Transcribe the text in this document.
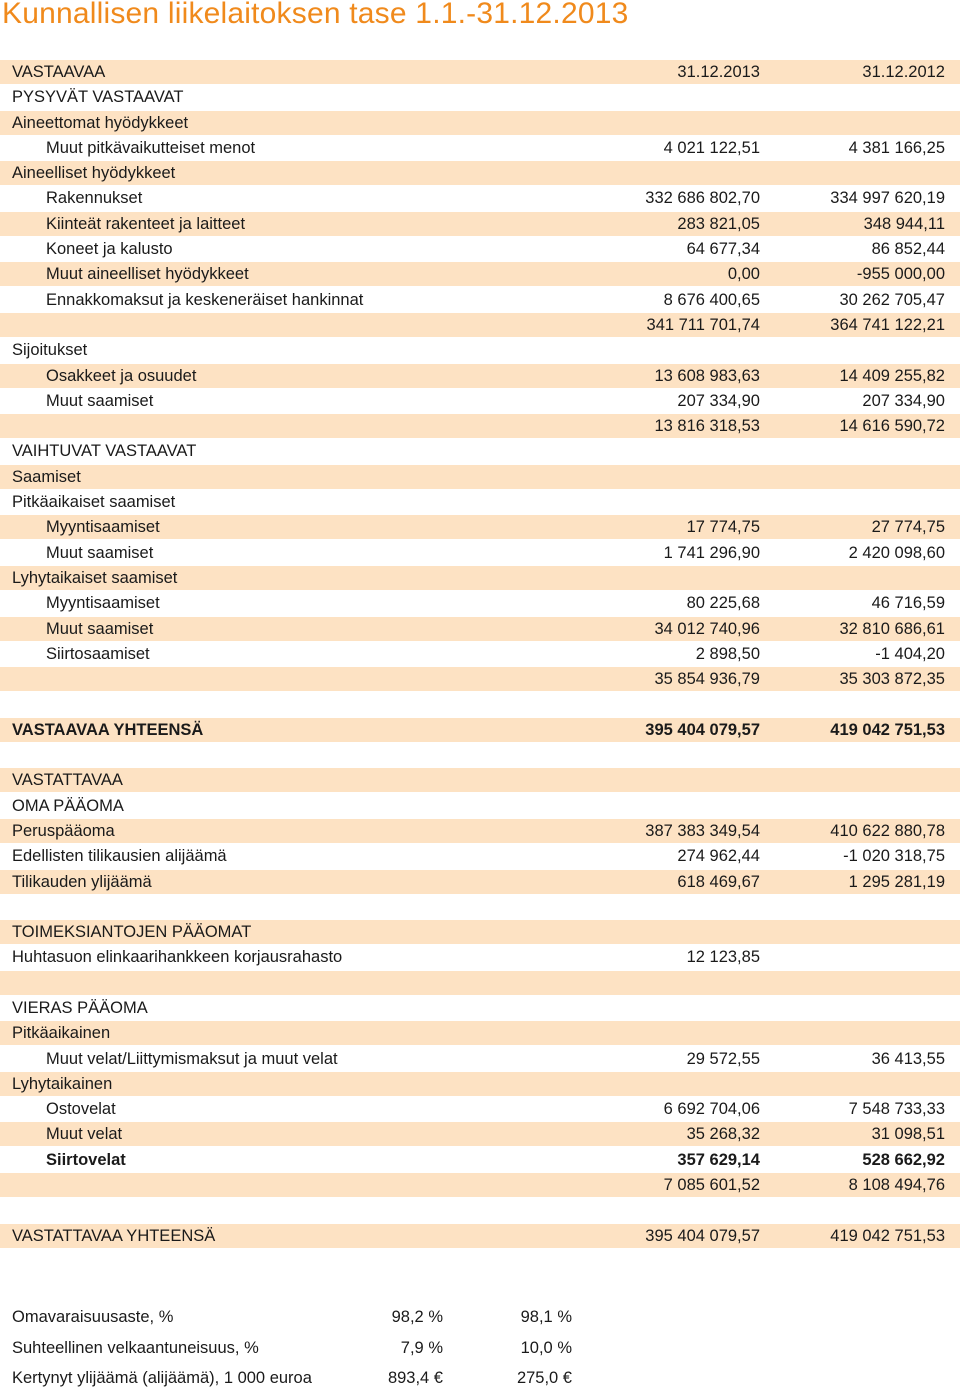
Kunnallisen liikelaitoksen tase 1.1.-31.12.2013
VASTAAVAA	31.12.2013	31.12.2012
PYSYVÄT VASTAAVAT
Aineettomat hyödykkeet
Muut pitkävaikutteiset menot	4 021 122,51	4 381 166,25
Aineelliset hyödykkeet
Rakennukset	332 686 802,70	334 997 620,19
Kiinteät rakenteet ja laitteet	283 821,05	348 944,11
Koneet ja kalusto	64 677,34	86 852,44
Muut aineelliset hyödykkeet	0,00	-955 000,00
Ennakkomaksut ja keskeneräiset hankinnat	8 676 400,65	30 262 705,47
341 711 701,74	364 741 122,21
Sijoitukset
Osakkeet ja osuudet	13 608 983,63	14 409 255,82
Muut saamiset	207 334,90	207 334,90
13 816 318,53	14 616 590,72
VAIHTUVAT VASTAAVAT
Saamiset
Pitkäaikaiset saamiset
Myyntisaamiset	17 774,75	27 774,75
Muut saamiset	1 741 296,90	2 420 098,60
Lyhytaikaiset saamiset
Myyntisaamiset	80 225,68	46 716,59
Muut saamiset	34 012 740,96	32 810 686,61
Siirtosaamiset	2 898,50	-1 404,20
35 854 936,79	35 303 872,35
VASTAAVAA YHTEENSÄ	395 404 079,57	419 042 751,53
VASTATTAVAA
OMA PÄÄOMA
Peruspääoma	387 383 349,54	410 622 880,78
Edellisten tilikausien alijäämä	274 962,44	-1 020 318,75
Tilikauden ylijäämä	618 469,67	1 295 281,19
TOIMEKSIANTOJEN PÄÄOMAT
Huhtasuon elinkaarihankkeen korjausrahasto	12 123,85
VIERAS PÄÄOMA
Pitkäaikainen
Muut velat/Liittymismaksut ja muut velat	29 572,55	36 413,55
Lyhytaikainen
Ostovelat	6 692 704,06	7 548 733,33
Muut velat	35 268,32	31 098,51
Siirtovelat	357 629,14	528 662,92
7 085 601,52	8 108 494,76
VASTATTAVAA YHTEENSÄ	395 404 079,57	419 042 751,53
Omavaraisuusaste, %	98,2 %	98,1 %
Suhteellinen velkaantuneisuus, %	7,9 %	10,0 %
Kertynyt ylijäämä (alijäämä), 1 000 euroa	893,4 €	275,0 €
